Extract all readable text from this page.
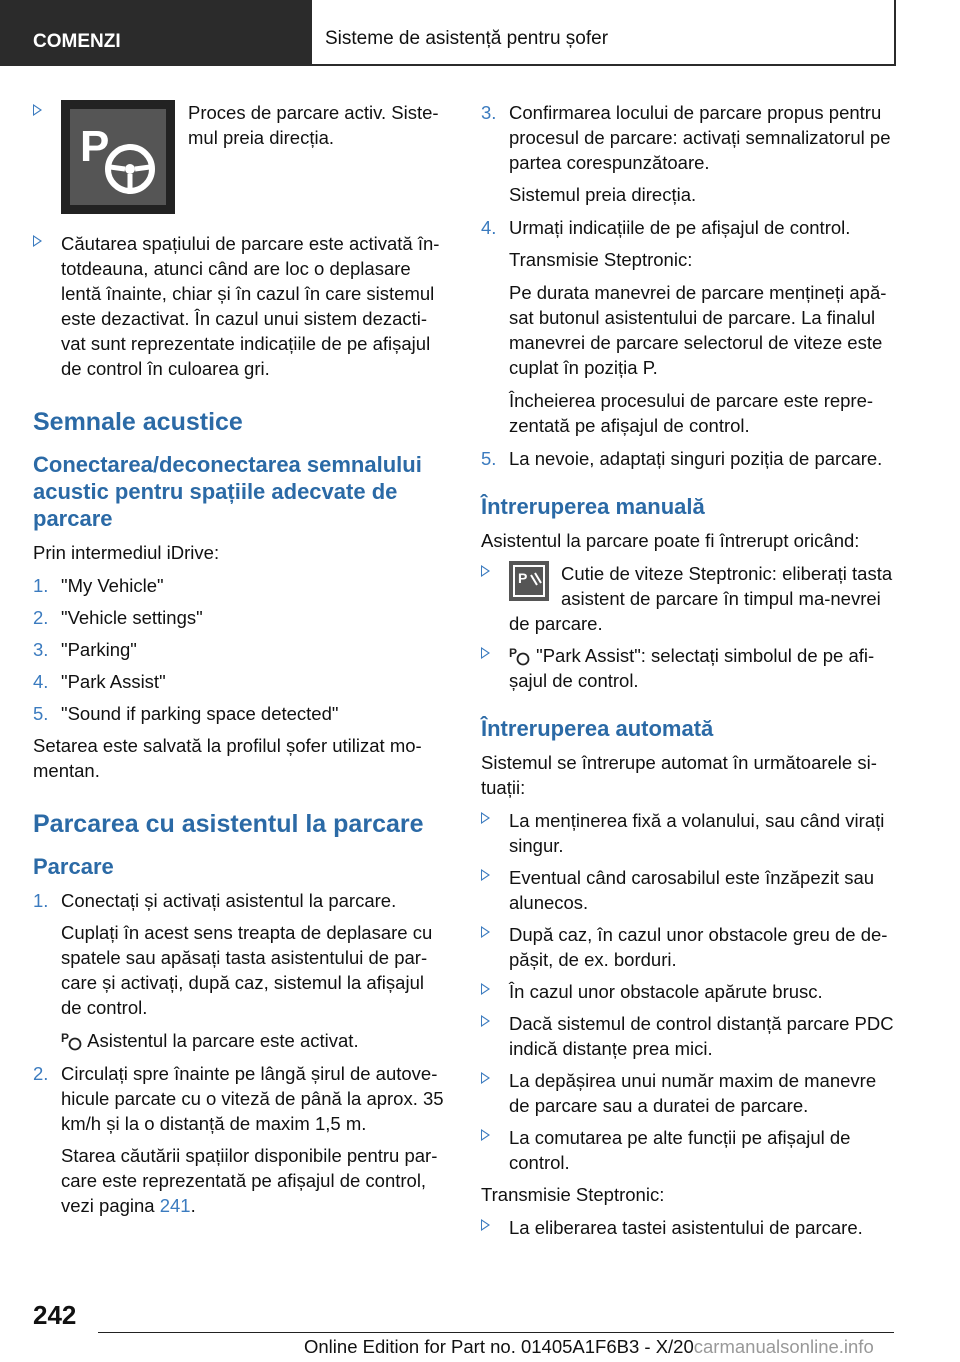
COMENZI	Sisteme de asistență pentru șofer
P
Proces de parcare activ. Siste-mul preia direcția.
Căutarea spațiului de parcare este activată în-totdeauna, atunci când are loc o deplasare lentă înainte, chiar și în cazul în care sistemul este dezactivat. În cazul unui sistem dezacti-vat sunt reprezentate indicațiile de pe afișajul de control în culoarea gri.
Semnale acustice
Conectarea/deconectarea semnalului acustic pentru spațiile adecvate de parcare

Prin intermediul iDrive:

1. "My Vehicle"
2. "Vehicle settings"
3. "Parking"
4. "Park Assist"
5. "Sound if parking space detected"

Setarea este salvată la profilul șofer utilizat mo-mentan.

Parcarea cu asistentul la parcare
Parcare
1. Conectați și activați asistentul la parcare.

Cuplați în acest sens treapta de deplasare cu spatele sau apăsați tasta asistentului de par-care și activați, după caz, sistemul la afișajul de control.

P Asistentul la parcare este activat.

2. Circulați spre înainte pe lângă șirul de autove-hicule parcate cu o viteză de până la aprox. 35 km/h și la o distanță de maxim 1,5 m.

Starea căutării spațiilor disponibile pentru par-care este reprezentată pe afișajul de control, vezi pagina 241.

3. Confirmarea locului de parcare propus pentru procesul de parcare: activați semnalizatorul pe partea corespunzătoare.

Sistemul preia direcția.

4. Urmați indicațiile de pe afișajul de control.

Transmisie Steptronic:

Pe durata manevrei de parcare mențineți apă-sat butonul asistentului de parcare. La finalul manevrei de parcare selectorul de viteze este cuplat în poziția P.

Încheierea procesului de parcare este repre-zentată pe afișajul de control.

5. La nevoie, adaptați singuri poziția de parcare.
Întreruperea manuală

Asistentul la parcare poate fi întrerupt oricând:

P Cutie de viteze Steptronic: eliberați tasta asistent de parcare în timpul ma-nevrei de parcare.
P "Park Assist": selectați simbolul de pe afi-șajul de control.
Întreruperea automată

Sistemul se întrerupe automat în următoarele si-tuații:

La menținerea fixă a volanului, sau când virați singur.
Eventual când carosabilul este înzăpezit sau alunecos.
După caz, în cazul unor obstacole greu de de-pășit, de ex. borduri.
În cazul unor obstacole apărute brusc.
Dacă sistemul de control distanță parcare PDC indică distanțe prea mici.
La depășirea unui număr maxim de manevre de parcare sau a duratei de parcare.
La comutarea pe alte funcții pe afișajul de control.

Transmisie Steptronic:

La eliberarea tastei asistentului de parcare.
242
Online Edition for Part no. 01405A1F6B3 - X/20carmanualsonline.info
